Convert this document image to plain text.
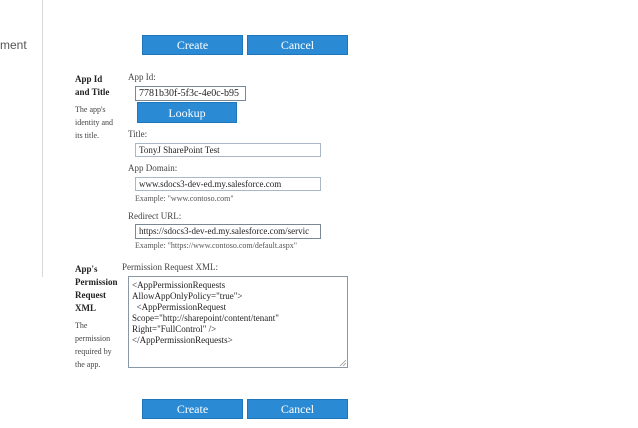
ment	Create	Cancel
App Id
and Title
The app's
identity and
its title.
App Id:
7781b30f-5f3c-4e0c-b95
Lookup
Title:
TonyJ SharePoint Test
App Domain:
www.sdocs3-dev-ed.my.salesforce.com
Example: "www.contoso.com"
Redirect URL:
https://sdocs3-dev-ed.my.salesforce.com/servic
Example: "https://www.contoso.com/default.aspx"
App's
Permission
Request
XML
The
permission
required by
the app.
Permission Request XML:
<AppPermissionRequests
AllowAppOnlyPolicy="true">
<AppPermissionRequest
Scope="http://sharepoint/content/tenant"
Right="FullControl" />
</AppPermissionRequests>
Create	Cancel
